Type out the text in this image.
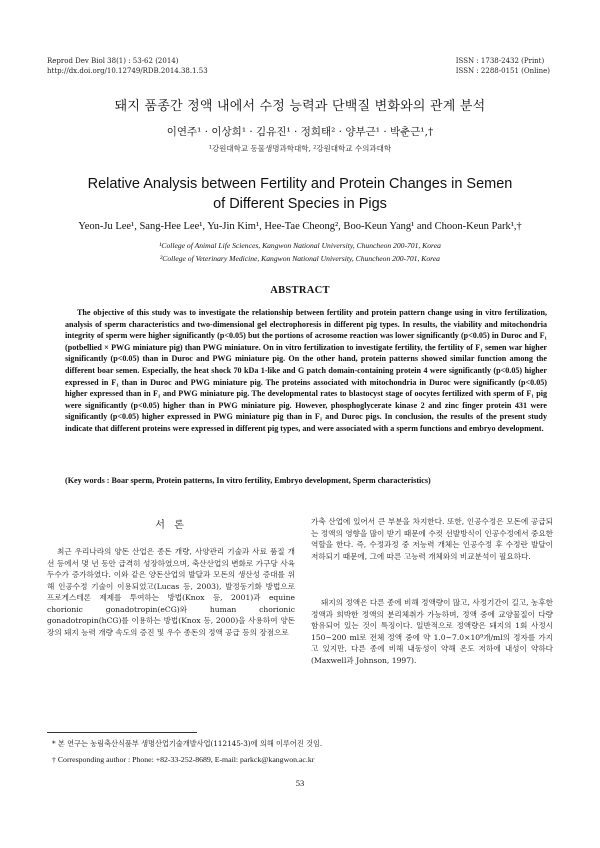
Reprod Dev Biol 38(1) : 53-62 (2014)
http://dx.doi.org/10.12749/RDB.2014.38.1.53
ISSN : 1738-2432 (Print)
ISSN : 2288-0151 (Online)
돼지 품종간 정액 내에서 수정 능력과 단백질 변화와의 관계 분석
이연주¹ · 이상희¹ · 김유진¹ · 정희태² · 양부근¹ · 박춘근¹,†
¹강원대학교 동물생명과학대학, ²강원대학교 수의과대학
Relative Analysis between Fertility and Protein Changes in Semen
of Different Species in Pigs
Yeon-Ju Lee¹, Sang-Hee Lee¹, Yu-Jin Kim¹, Hee-Tae Cheong², Boo-Keun Yang¹ and Choon-Keun Park¹,†
¹College of Animal Life Sciences, Kangwon National University, Chuncheon 200-701, Korea
²College of Veterinary Medicine, Kangwon National University, Chuncheon 200-701, Korea
ABSTRACT

The objective of this study was to investigate the relationship between fertility and protein pattern change using in vitro fertilization, analysis of sperm characteristics and two-dimensional gel electrophoresis in different pig types. In results, the viability and mitochondria integrity of sperm were higher significantly (p<0.05) but the portions of acrosome reaction was lower significantly (p<0.05) in Duroc and F₁ (potbellied × PWG miniature pig) than PWG miniature. On in vitro fertilization to investigate fertility, the fertility of F₁ semen war higher significantly (p<0.05) than in Duroc and PWG miniature pig. On the other hand, protein patterns showed similar function among the different boar semen. Especially, the heat shock 70 kDa 1-like and G patch domain-containing protein 4 were significantly (p<0.05) higher expressed in F₁ than in Duroc and PWG miniature pig. The proteins associated with mitochondria in Duroc were significantly (p<0.05) higher expressed than in F₁ and PWG miniature pig. The developmental rates to blastocyst stage of oocytes fertilized with sperm of F₁ pig were significantly (p<0.05) higher than in PWG miniature pig. However, phosphoglycerate kinase 2 and zinc finger protein 431 were significantly (p<0.05) higher expressed in PWG miniature pig than in F₁ and Duroc pigs. In conclusion, the results of the present study indicate that different proteins were expressed in different pig types, and were associated with a sperm functions and embryo development.

(Key words : Boar sperm, Protein patterns, In vitro fertility, Embryo development, Sperm characteristics)

서 론

최근 우리나라의 양돈 산업은 종돈 개량, 사양관리 기술과 사료 품질 개선 등에서 몇 년 동안 급격히 성장하였으며, 축산산업의 변화로 가구당 사육 두수가 증가하였다. 이와 같은 양돈산업의 발달과 모돈의 생산성 증대를 위해 인공수정 기술이 이용되었고(Lucas 등, 2003), 발정동기화 방법으로 프로게스테론 제제를 투여하는 방법(Knox 등, 2001)과 equine chorionic gonadotropin(eCG)와 human chorionic gonadotropin(hCG)를 이용하는 방법(Knox 등, 2000)을 사용하여 양돈장의 돼지 능력 개량 속도의 증진 및 우수 종돈의 정액 공급 등의 장점으로

가축 산업에 있어서 큰 부분을 차지한다. 또한, 인공수정은 모돈에 공급되는 정액의 영향을 많이 받기 때문에 수컷 선발방식이 인공수정에서 중요한 역할을 한다. 즉, 수정과정 중 저능력 개체는 인공수정 후 수정란 발달이 저하되기 때문에, 그에 따른 고능력 개체와의 비교분석이 필요하다.

돼지의 정액은 다른 종에 비해 정액량이 많고, 사정기간이 길고, 농후한 정액과 희박한 정액의 분리체취가 가능하며, 정액 중에 교양물질이 다량 함유되어 있는 것이 특징이다. 일반적으로 정액량은 돼지의 1회 사정시 150~200 ml로 전체 정액 중에 약 1.0~7.0×10⁹개/ml의 정자를 가지고 있지만, 다른 종에 비해 내동성이 약해 온도 저하에 내성이 약하다(Maxwell과 Johnson, 1997).

* 본 연구는 농림축산식품부 생명산업기술개발사업(112145-3)에 의해 이루어진 것임.
† Corresponding author : Phone: +82-33-252-8689, E-mail: parkck@kangwon.ac.kr
53
